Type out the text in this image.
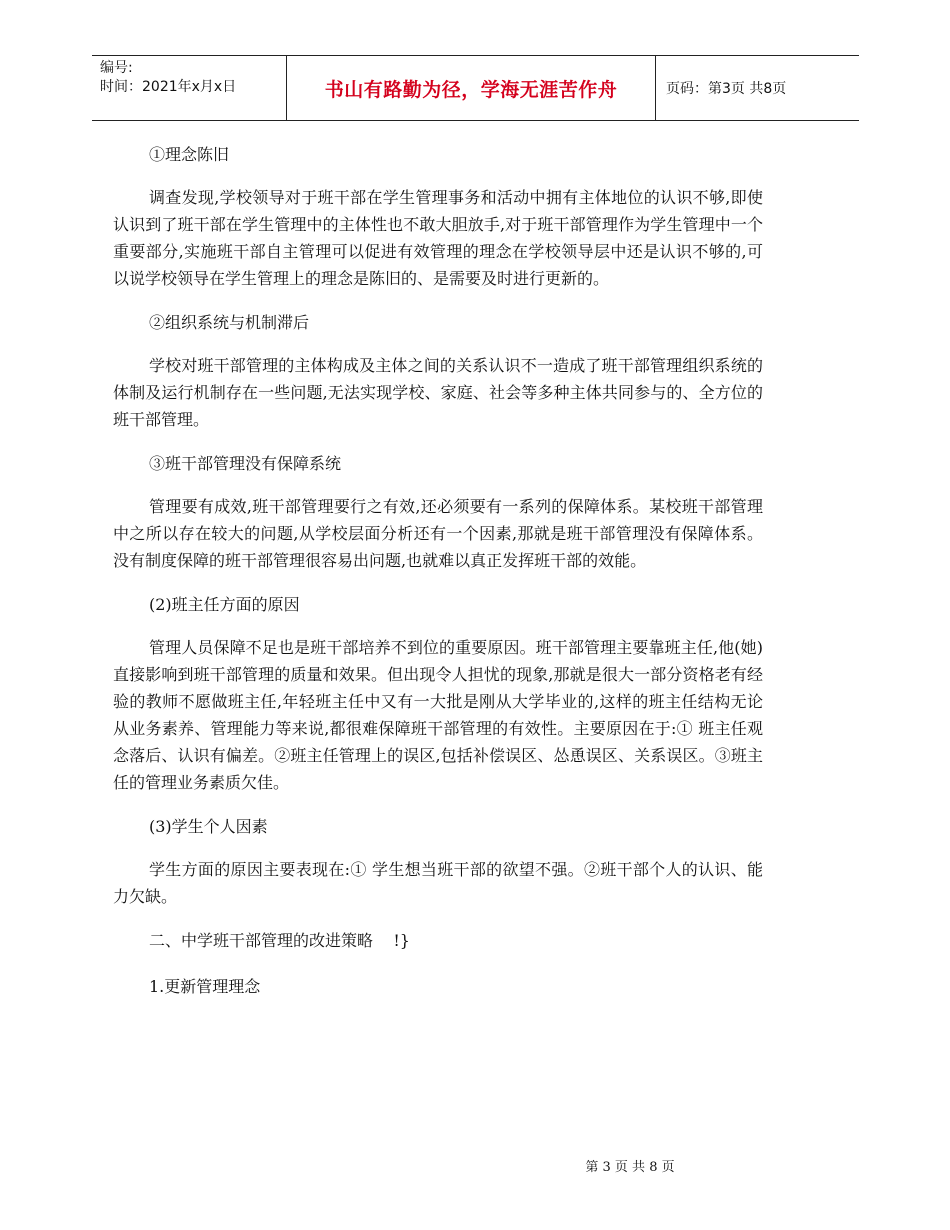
编号:
时间：2021年x月x日	书山有路勤为径，学海无涯苦作舟	页码：第3页 共8页

①理念陈旧

调查发现,学校领导对于班干部在学生管理事务和活动中拥有主体地位的认识不够,即使认识到了班干部在学生管理中的主体性也不敢大胆放手,对于班干部管理作为学生管理中一个重要部分,实施班干部自主管理可以促进有效管理的理念在学校领导层中还是认识不够的,可以说学校领导在学生管理上的理念是陈旧的、是需要及时进行更新的。

②组织系统与机制滞后

学校对班干部管理的主体构成及主体之间的关系认识不一造成了班干部管理组织系统的体制及运行机制存在一些问题,无法实现学校、家庭、社会等多种主体共同参与的、全方位的班干部管理。

③班干部管理没有保障系统

管理要有成效,班干部管理要行之有效,还必须要有一系列的保障体系。某校班干部管理中之所以存在较大的问题,从学校层面分析还有一个因素,那就是班干部管理没有保障体系。没有制度保障的班干部管理很容易出问题,也就难以真正发挥班干部的效能。

(2)班主任方面的原因

管理人员保障不足也是班干部培养不到位的重要原因。班干部管理主要靠班主任,他(她)直接影响到班干部管理的质量和效果。但出现令人担忧的现象,那就是很大一部分资格老有经验的教师不愿做班主任,年轻班主任中又有一大批是刚从大学毕业的,这样的班主任结构无论从业务素养、管理能力等来说,都很难保障班干部管理的有效性。主要原因在于:① 班主任观念落后、认识有偏差。②班主任管理上的误区,包括补偿误区、怂恿误区、关系误区。③班主任的管理业务素质欠佳。

(3)学生个人因素

学生方面的原因主要表现在:① 学生想当班干部的欲望不强。②班干部个人的认识、能力欠缺。

二、中学班干部管理的改进策略    !}

1.更新管理理念

第 3 页 共 8 页
